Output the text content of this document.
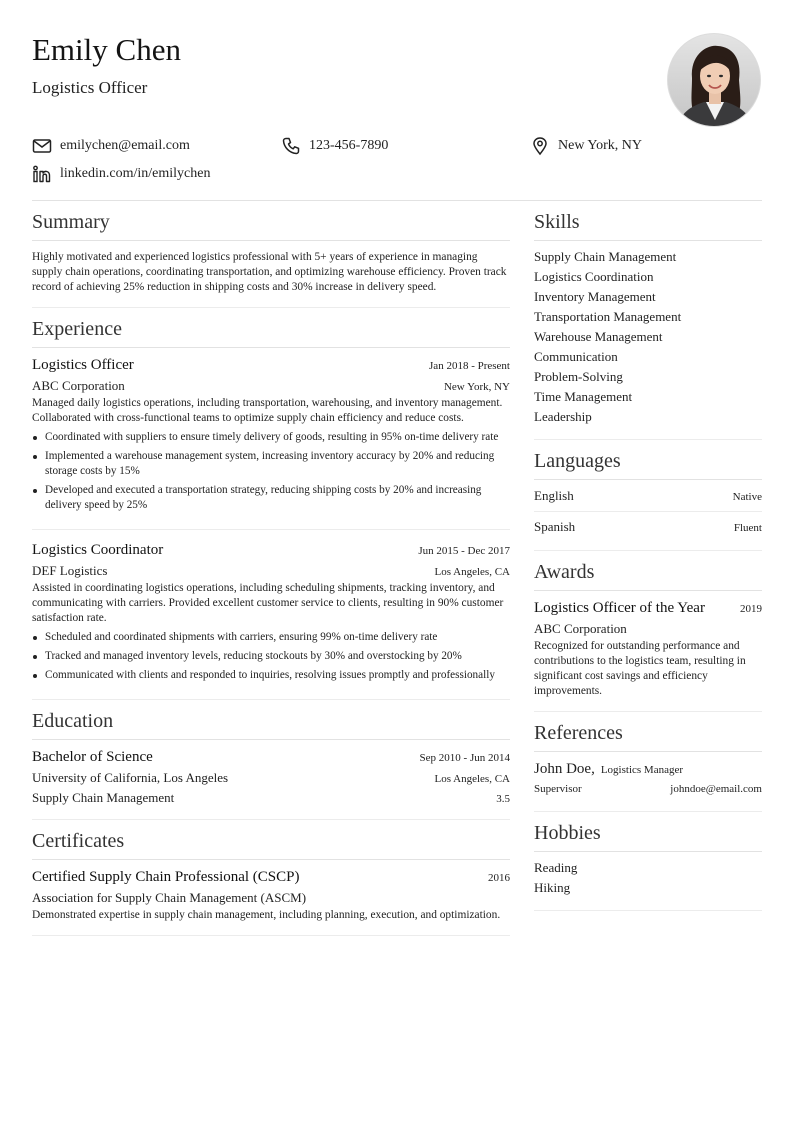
Emily Chen
Logistics Officer
emilychen@email.com	123-456-7890	New York, NY
linkedin.com/in/emilychen
Summary

Highly motivated and experienced logistics professional with 5+ years of experience in managing supply chain operations, coordinating transportation, and optimizing warehouse efficiency. Proven track record of achieving 25% reduction in shipping costs and 30% increase in delivery speed.

Experience
Logistics Officer	Jan 2018 - Present
ABC Corporation	New York, NY

Managed daily logistics operations, including transportation, warehousing, and inventory management. Collaborated with cross-functional teams to optimize supply chain efficiency and reduce costs.

Coordinated with suppliers to ensure timely delivery of goods, resulting in 95% on-time delivery rate
Implemented a warehouse management system, increasing inventory accuracy by 20% and reducing storage costs by 15%
Developed and executed a transportation strategy, reducing shipping costs by 20% and increasing delivery speed by 25%
Logistics Coordinator	Jun 2015 - Dec 2017
DEF Logistics	Los Angeles, CA

Assisted in coordinating logistics operations, including scheduling shipments, tracking inventory, and communicating with carriers. Provided excellent customer service to clients, resulting in 90% customer satisfaction rate.

Scheduled and coordinated shipments with carriers, ensuring 99% on-time delivery rate
Tracked and managed inventory levels, reducing stockouts by 30% and overstocking by 20%
Communicated with clients and responded to inquiries, resolving issues promptly and professionally
Education
Bachelor of Science	Sep 2010 - Jun 2014
University of California, Los Angeles	Los Angeles, CA
Supply Chain Management	3.5
Certificates
Certified Supply Chain Professional (CSCP)	2016
Association for Supply Chain Management (ASCM)

Demonstrated expertise in supply chain management, including planning, execution, and optimization.

Skills
Supply Chain Management
Logistics Coordination
Inventory Management
Transportation Management
Warehouse Management
Communication
Problem-Solving
Time Management
Leadership
Languages
English	Native
Spanish	Fluent
Awards
Logistics Officer of the Year	2019
ABC Corporation

Recognized for outstanding performance and contributions to the logistics team, resulting in significant cost savings and efficiency improvements.

References
John Doe, Logistics Manager
Supervisor	johndoe@email.com
Hobbies
Reading
Hiking
